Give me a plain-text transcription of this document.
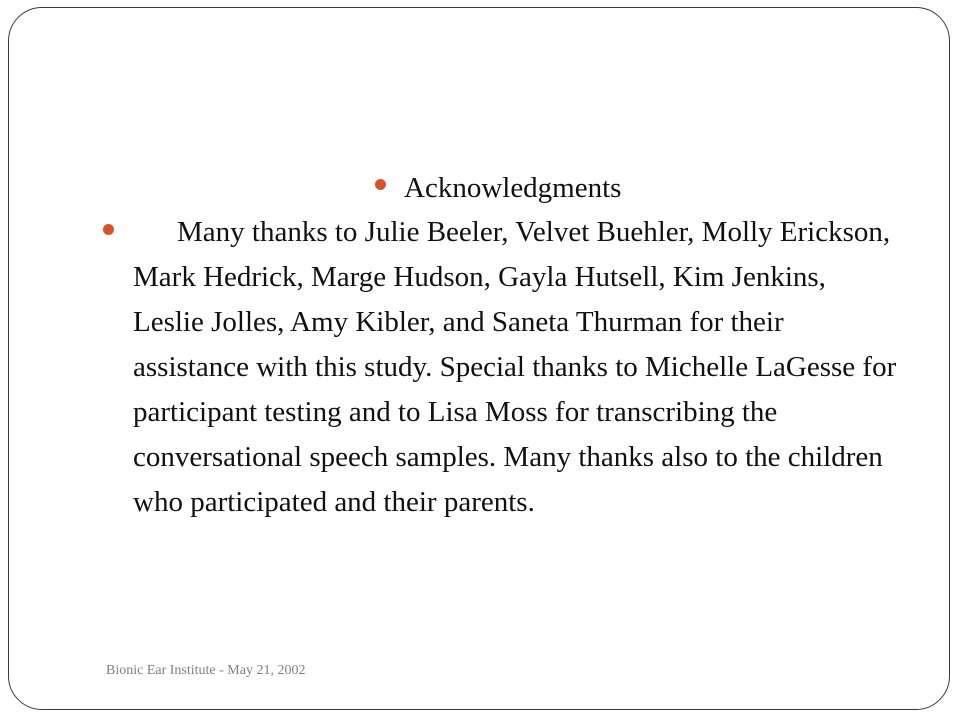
Acknowledgments

Many thanks to Julie Beeler, Velvet Buehler, Molly Erickson, Mark Hedrick, Marge Hudson, Gayla Hutsell, Kim Jenkins, Leslie Jolles, Amy Kibler, and Saneta Thurman for their assistance with this study. Special thanks to Michelle LaGesse for participant testing and to Lisa Moss for transcribing the conversational speech samples. Many thanks also to the children who participated and their parents.

Bionic Ear Institute - May 21, 2002
